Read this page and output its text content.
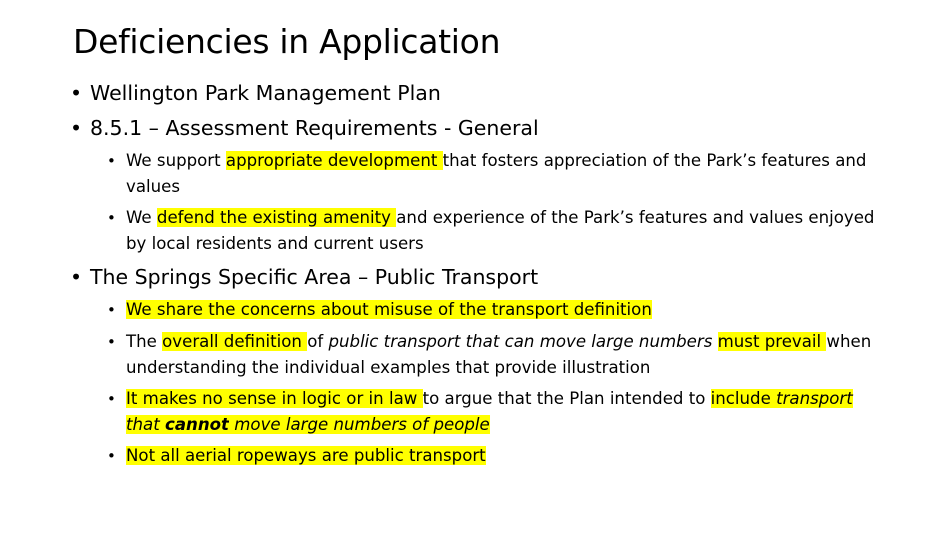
Deficiencies in Application
• Wellington Park Management Plan
• 8.5.1 – Assessment Requirements - General
• We support appropriate development that fosters appreciation of the Park’s features and values
• We defend the existing amenity and experience of the Park’s features and values enjoyed by local residents and current users
• The Springs Specific Area – Public Transport
• We share the concerns about misuse of the transport definition
• The overall definition of public transport that can move large numbers must prevail when understanding the individual examples that provide illustration
• It makes no sense in logic or in law to argue that the Plan intended to include transport that cannot move large numbers of people
• Not all aerial ropeways are public transport
